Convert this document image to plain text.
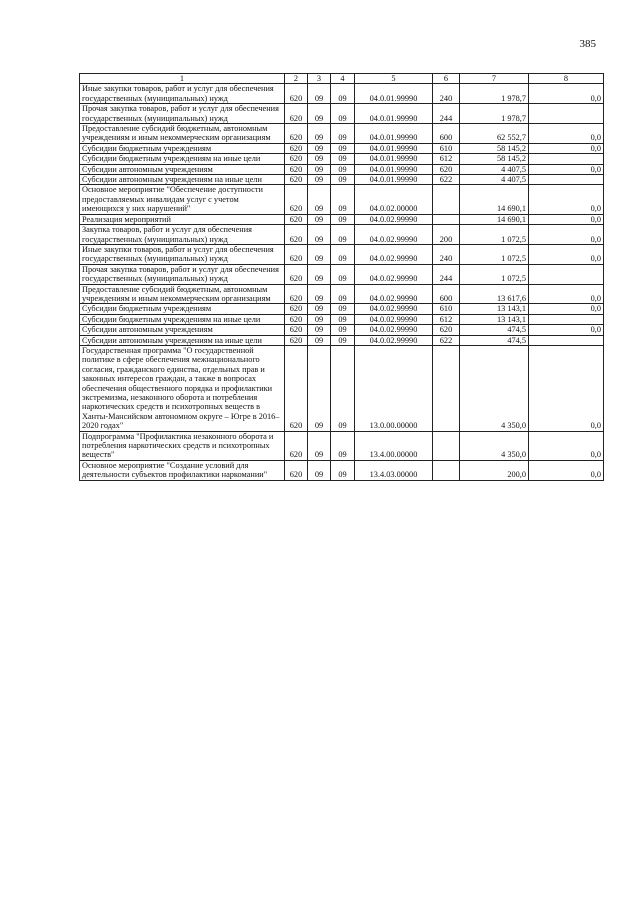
385
1	2	3	4	5	6	7	8
Иные закупки товаров, работ и услуг для обеспечения государственных (муниципальных) нужд	620	09	09	04.0.01.99990	240	1 978,7	0,0
Прочая закупка товаров, работ и услуг для обеспечения государственных (муниципальных) нужд	620	09	09	04.0.01.99990	244	1 978,7	
Предоставление субсидий бюджетным, автономным учреждениям и иным некоммерческим организациям	620	09	09	04.0.01.99990	600	62 552,7	0,0
Субсидии бюджетным учреждениям	620	09	09	04.0.01.99990	610	58 145,2	0,0
Субсидии бюджетным учреждениям на иные цели	620	09	09	04.0.01.99990	612	58 145,2	
Субсидии автономным учреждениям	620	09	09	04.0.01.99990	620	4 407,5	0,0
Субсидии автономным учреждениям на иные цели	620	09	09	04.0.01.99990	622	4 407,5	
Основное мероприятие "Обеспечение доступности предоставляемых инвалидам услуг с учетом имеющихся у них нарушений"	620	09	09	04.0.02.00000		14 690,1	0,0
Реализация мероприятий	620	09	09	04.0.02.99990		14 690,1	0,0
Закупка товаров, работ и услуг для обеспечения государственных (муниципальных) нужд	620	09	09	04.0.02.99990	200	1 072,5	0,0
Иные закупки товаров, работ и услуг для обеспечения государственных (муниципальных) нужд	620	09	09	04.0.02.99990	240	1 072,5	0,0
Прочая закупка товаров, работ и услуг для обеспечения государственных (муниципальных) нужд	620	09	09	04.0.02.99990	244	1 072,5	
Предоставление субсидий бюджетным, автономным учреждениям и иным некоммерческим организациям	620	09	09	04.0.02.99990	600	13 617,6	0,0
Субсидии бюджетным учреждениям	620	09	09	04.0.02.99990	610	13 143,1	0,0
Субсидии бюджетным учреждениям на иные цели	620	09	09	04.0.02.99990	612	13 143,1	
Субсидии автономным учреждениям	620	09	09	04.0.02.99990	620	474,5	0,0
Субсидии автономным учреждениям на иные цели	620	09	09	04.0.02.99990	622	474,5	
Государственная программа "О государственной политике в сфере обеспечения межнационального согласия, гражданского единства, отдельных прав и законных интересов граждан, а также в вопросах обеспечения общественного порядка и профилактики экстремизма, незаконного оборота и потребления наркотических средств и психотропных веществ в Ханты-Мансийском автономном округе – Югре в 2016–2020 годах"	620	09	09	13.0.00.00000		4 350,0	0,0
Подпрограмма "Профилактика незаконного оборота и потребления наркотических средств и психотропных веществ"	620	09	09	13.4.00.00000		4 350,0	0,0
Основное мероприятие "Создание условий для деятельности субъектов профилактики наркомании"	620	09	09	13.4.03.00000		200,0	0,0
